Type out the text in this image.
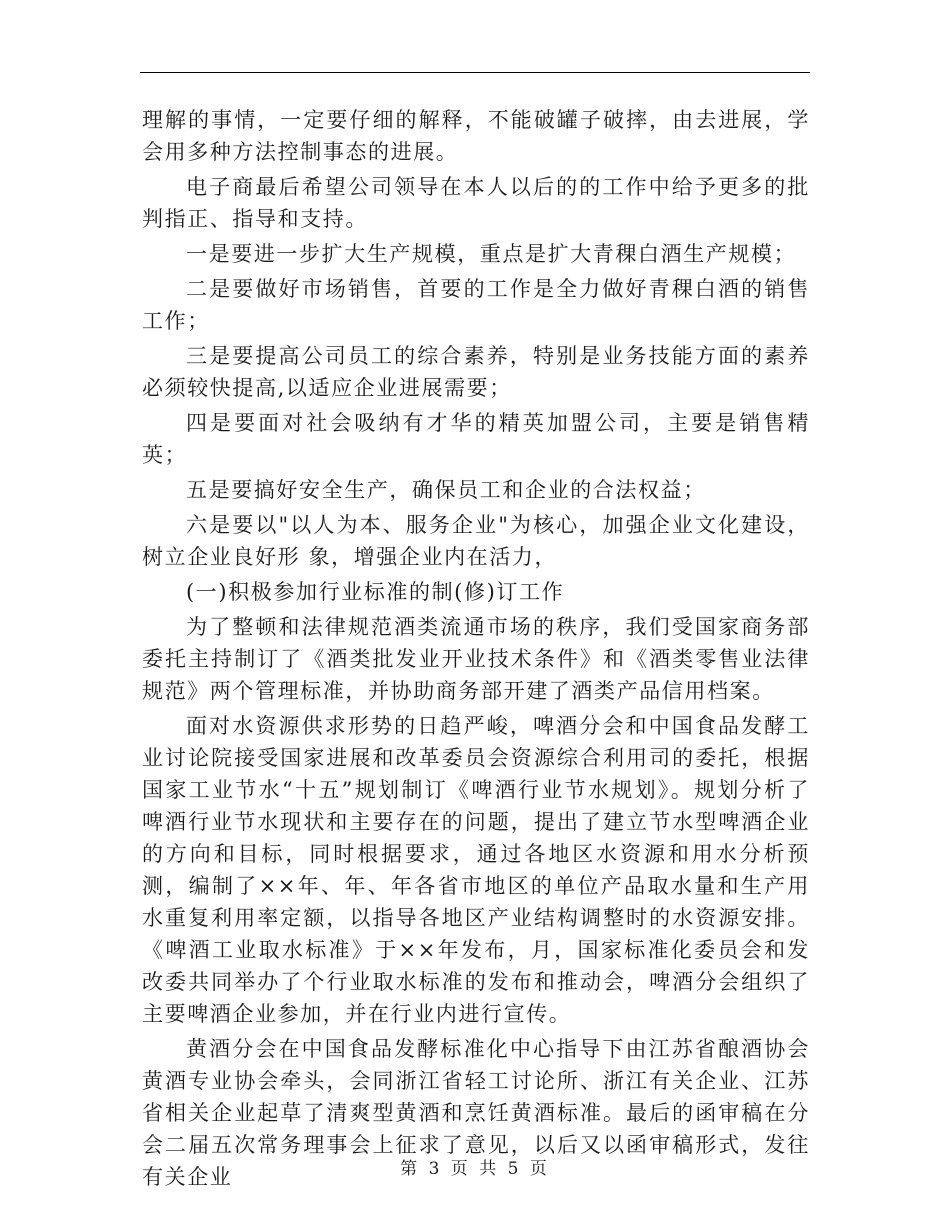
理解的事情，一定要仔细的解释，不能破罐子破摔，由去进展，学会用多种方法控制事态的进展。

电子商最后希望公司领导在本人以后的的工作中给予更多的批判指正、指导和支持。

一是要进一步扩大生产规模，重点是扩大青稞白酒生产规模；

二是要做好市场销售，首要的工作是全力做好青稞白酒的销售工作；

三是要提高公司员工的综合素养，特别是业务技能方面的素养必须较快提高,以适应企业进展需要；

四是要面对社会吸纳有才华的精英加盟公司，主要是销售精英；

五是要搞好安全生产，确保员工和企业的合法权益；

六是要以"以人为本、服务企业"为核心，加强企业文化建设，树立企业良好形 象，增强企业内在活力，

(一)积极参加行业标准的制(修)订工作

为了整顿和法律规范酒类流通市场的秩序，我们受国家商务部委托主持制订了《酒类批发业开业技术条件》和《酒类零售业法律规范》两个管理标准，并协助商务部开建了酒类产品信用档案。

面对水资源供求形势的日趋严峻，啤酒分会和中国食品发酵工业讨论院接受国家进展和改革委员会资源综合利用司的委托，根据国家工业节水“十五”规划制订《啤酒行业节水规划》。规划分析了啤酒行业节水现状和主要存在的问题，提出了建立节水型啤酒企业的方向和目标，同时根据要求，通过各地区水资源和用水分析预测，编制了××年、年、年各省市地区的单位产品取水量和生产用水重复利用率定额，以指导各地区产业结构调整时的水资源安排。《啤酒工业取水标准》于××年发布，月，国家标准化委员会和发改委共同举办了个行业取水标准的发布和推动会，啤酒分会组织了主要啤酒企业参加，并在行业内进行宣传。

黄酒分会在中国食品发酵标准化中心指导下由江苏省酿酒协会黄酒专业协会牵头，会同浙江省轻工讨论所、浙江有关企业、江苏省相关企业起草了清爽型黄酒和烹饪黄酒标准。最后的函审稿在分会二届五次常务理事会上征求了意见，以后又以函审稿形式，发往有关企业	第 3 页 共 5 页
